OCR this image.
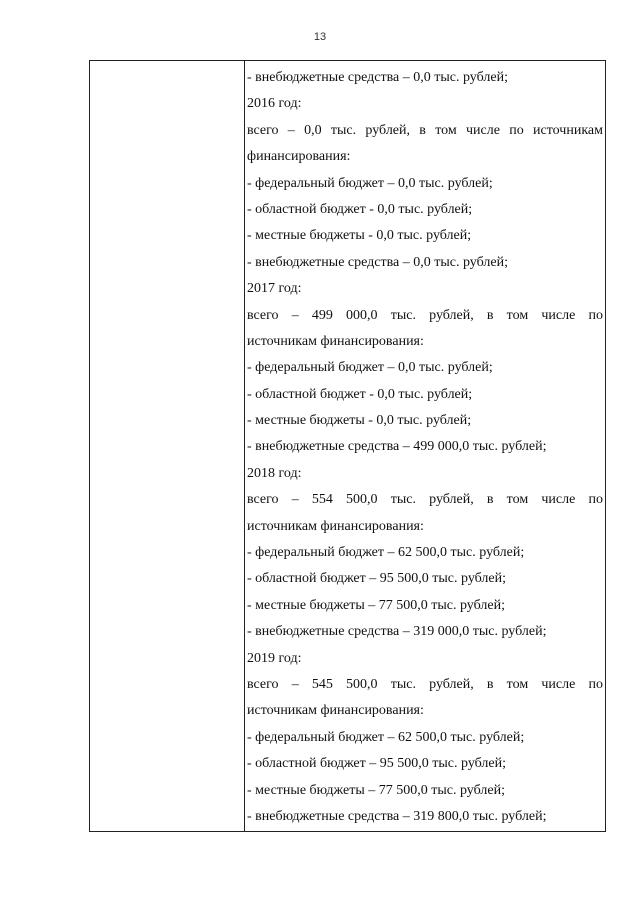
13
- внебюджетные средства – 0,0 тыс. рублей;
2016 год:
всего – 0,0 тыс. рублей, в том числе по источникам
финансирования:
- федеральный бюджет – 0,0 тыс. рублей;
- областной бюджет - 0,0 тыс. рублей;
- местные бюджеты - 0,0 тыс. рублей;
- внебюджетные средства – 0,0 тыс. рублей;
2017 год:
всего – 499 000,0 тыс. рублей, в том числе по
источникам финансирования:
- федеральный бюджет – 0,0 тыс. рублей;
- областной бюджет - 0,0 тыс. рублей;
- местные бюджеты - 0,0 тыс. рублей;
- внебюджетные средства – 499 000,0 тыс. рублей;
2018 год:
всего – 554 500,0 тыс. рублей, в том числе по
источникам финансирования:
- федеральный бюджет – 62 500,0 тыс. рублей;
- областной бюджет – 95 500,0 тыс. рублей;
- местные бюджеты – 77 500,0 тыс. рублей;
- внебюджетные средства – 319 000,0 тыс. рублей;
2019 год:
всего – 545 500,0 тыс. рублей, в том числе по
источникам финансирования:
- федеральный бюджет – 62 500,0 тыс. рублей;
- областной бюджет – 95 500,0 тыс. рублей;
- местные бюджеты – 77 500,0 тыс. рублей;
- внебюджетные средства – 319 800,0 тыс. рублей;
